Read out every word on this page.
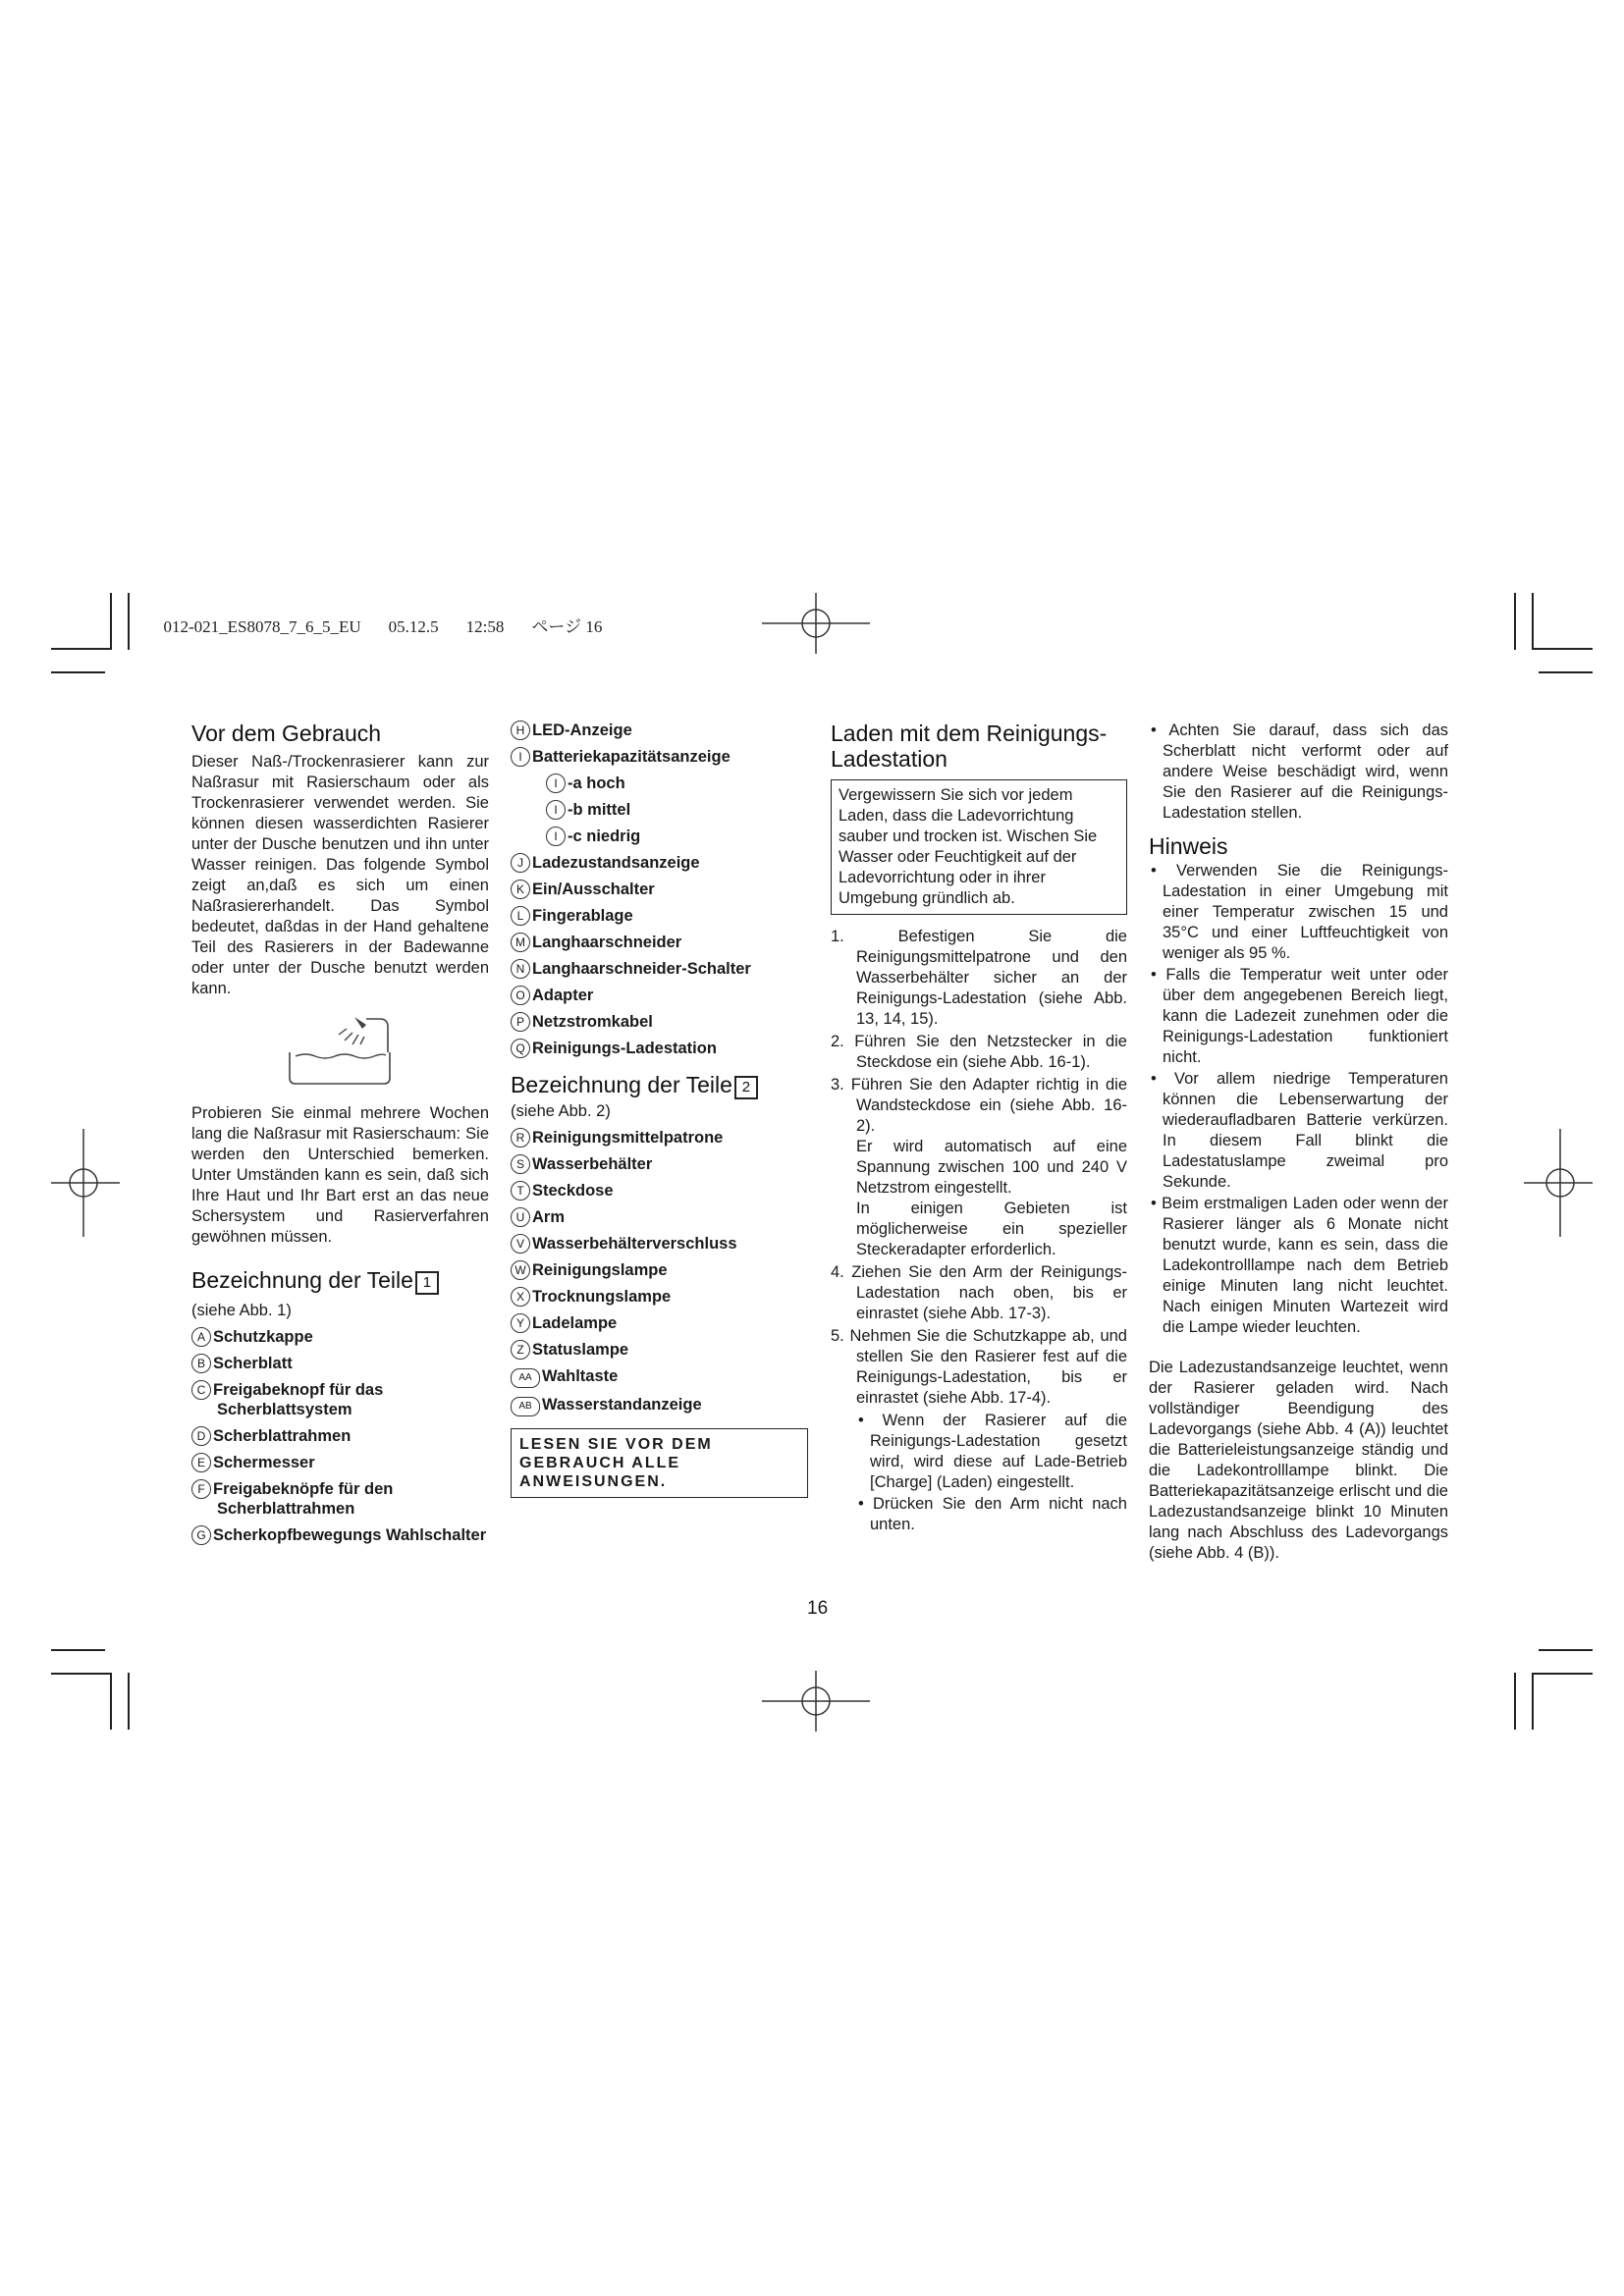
012-021_ES8078_7_6_5_EU 05.12.5 12:58 ページ 16

Vor dem Gebrauch

Dieser Naß-/Trockenrasierer kann zur Naßrasur mit Rasierschaum oder als Trockenrasierer verwendet werden. Sie können diesen wasserdichten Rasierer unter der Dusche benutzen und ihn unter Wasser reinigen. Das folgende Symbol zeigt an,daß es sich um einen Naßrasiererhandelt. Das Symbol bedeutet, daßdas in der Hand gehaltene Teil des Rasierers in der Badewanne oder unter der Dusche benutzt werden kann.

Probieren Sie einmal mehrere Wochen lang die Naßrasur mit Rasierschaum: Sie werden den Unterschied bemerken. Unter Umständen kann es sein, daß sich Ihre Haut und Ihr Bart erst an das neue Schersystem und Rasierverfahren gewöhnen müssen.

Bezeichnung der Teile 1
(siehe Abb. 1)
A Schutzkappe
B Scherblatt
C Freigabeknopf für das Scherblattsystem
D Scherblattrahmen
E Schermesser
F Freigabeknöpfe für den Scherblattrahmen
G Scherkopfbewegungs Wahlschalter
H LED-Anzeige
I Batteriekapazitätsanzeige
I -a hoch
I -b mittel
I -c niedrig
J Ladezustandsanzeige
K Ein/Ausschalter
L Fingerablage
M Langhaarschneider
N Langhaarschneider-Schalter
O Adapter
P Netzstromkabel
Q Reinigungs-Ladestation
Bezeichnung der Teile 2
(siehe Abb. 2)
R Reinigungsmittelpatrone
S Wasserbehälter
T Steckdose
U Arm
V Wasserbehälterverschluss
W Reinigungslampe
X Trocknungslampe
Y Ladelampe
Z Statuslampe
AA Wahltaste
AB Wasserstandanzeige
LESEN SIE VOR DEM GEBRAUCH ALLE ANWEISUNGEN.
Laden mit dem Reinigungs-Ladestation
Vergewissern Sie sich vor jedem Laden, dass die Ladevorrichtung sauber und trocken ist. Wischen Sie Wasser oder Feuchtigkeit auf der Ladevorrichtung oder in ihrer Umgebung gründlich ab.
1.	Befestigen Sie die Reinigungsmittelpatrone und den Wasserbehälter sicher an der Reinigungs-Ladestation (siehe Abb. 13, 14, 15).
2. Führen Sie den Netzstecker in die Steckdose ein (siehe Abb. 16-1).
3. Führen Sie den Adapter richtig in die Wandsteckdose ein (siehe Abb. 16-2).
Er wird automatisch auf eine Spannung zwischen 100 und 240 V Netzstrom eingestellt.
In einigen Gebieten ist möglicherweise ein spezieller Steckeradapter erforderlich.
4. Ziehen Sie den Arm der Reinigungs-Ladestation nach oben, bis er einrastet (siehe Abb. 17-3).
5. Nehmen Sie die Schutzkappe ab, und stellen Sie den Rasierer fest auf die Reinigungs-Ladestation, bis er einrastet (siehe Abb. 17-4).
• Wenn der Rasierer auf die Reinigungs-Ladestation gesetzt wird, wird diese auf Lade-Betrieb [Charge] (Laden) eingestellt.
• Drücken Sie den Arm nicht nach unten.
• Achten Sie darauf, dass sich das Scherblatt nicht verformt oder auf andere Weise beschädigt wird, wenn Sie den Rasierer auf die Reinigungs-Ladestation stellen.
Hinweis
• Verwenden Sie die Reinigungs-Ladestation in einer Umgebung mit einer Temperatur zwischen 15 und 35°C und einer Luftfeuchtigkeit von weniger als 95 %.
• Falls die Temperatur weit unter oder über dem angegebenen Bereich liegt, kann die Ladezeit zunehmen oder die Reinigungs-Ladestation funktioniert nicht.
• Vor allem niedrige Temperaturen können die Lebenserwartung der wiederaufladbaren Batterie verkürzen. In diesem Fall blinkt die Ladestatuslampe zweimal pro Sekunde.
• Beim erstmaligen Laden oder wenn der Rasierer länger als 6 Monate nicht benutzt wurde, kann es sein, dass die Ladekontrolllampe nach dem Betrieb einige Minuten lang nicht leuchtet. Nach einigen Minuten Wartezeit wird die Lampe wieder leuchten.

Die Ladezustandsanzeige leuchtet, wenn der Rasierer geladen wird. Nach vollständiger Beendigung des Ladevorgangs (siehe Abb. 4 (A)) leuchtet die Batterieleistungsanzeige ständig und die Ladekontrolllampe blinkt. Die Batteriekapazitätsanzeige erlischt und die Ladezustandsanzeige blinkt 10 Minuten lang nach Abschluss des Ladevorgangs (siehe Abb. 4 (B)).

16
